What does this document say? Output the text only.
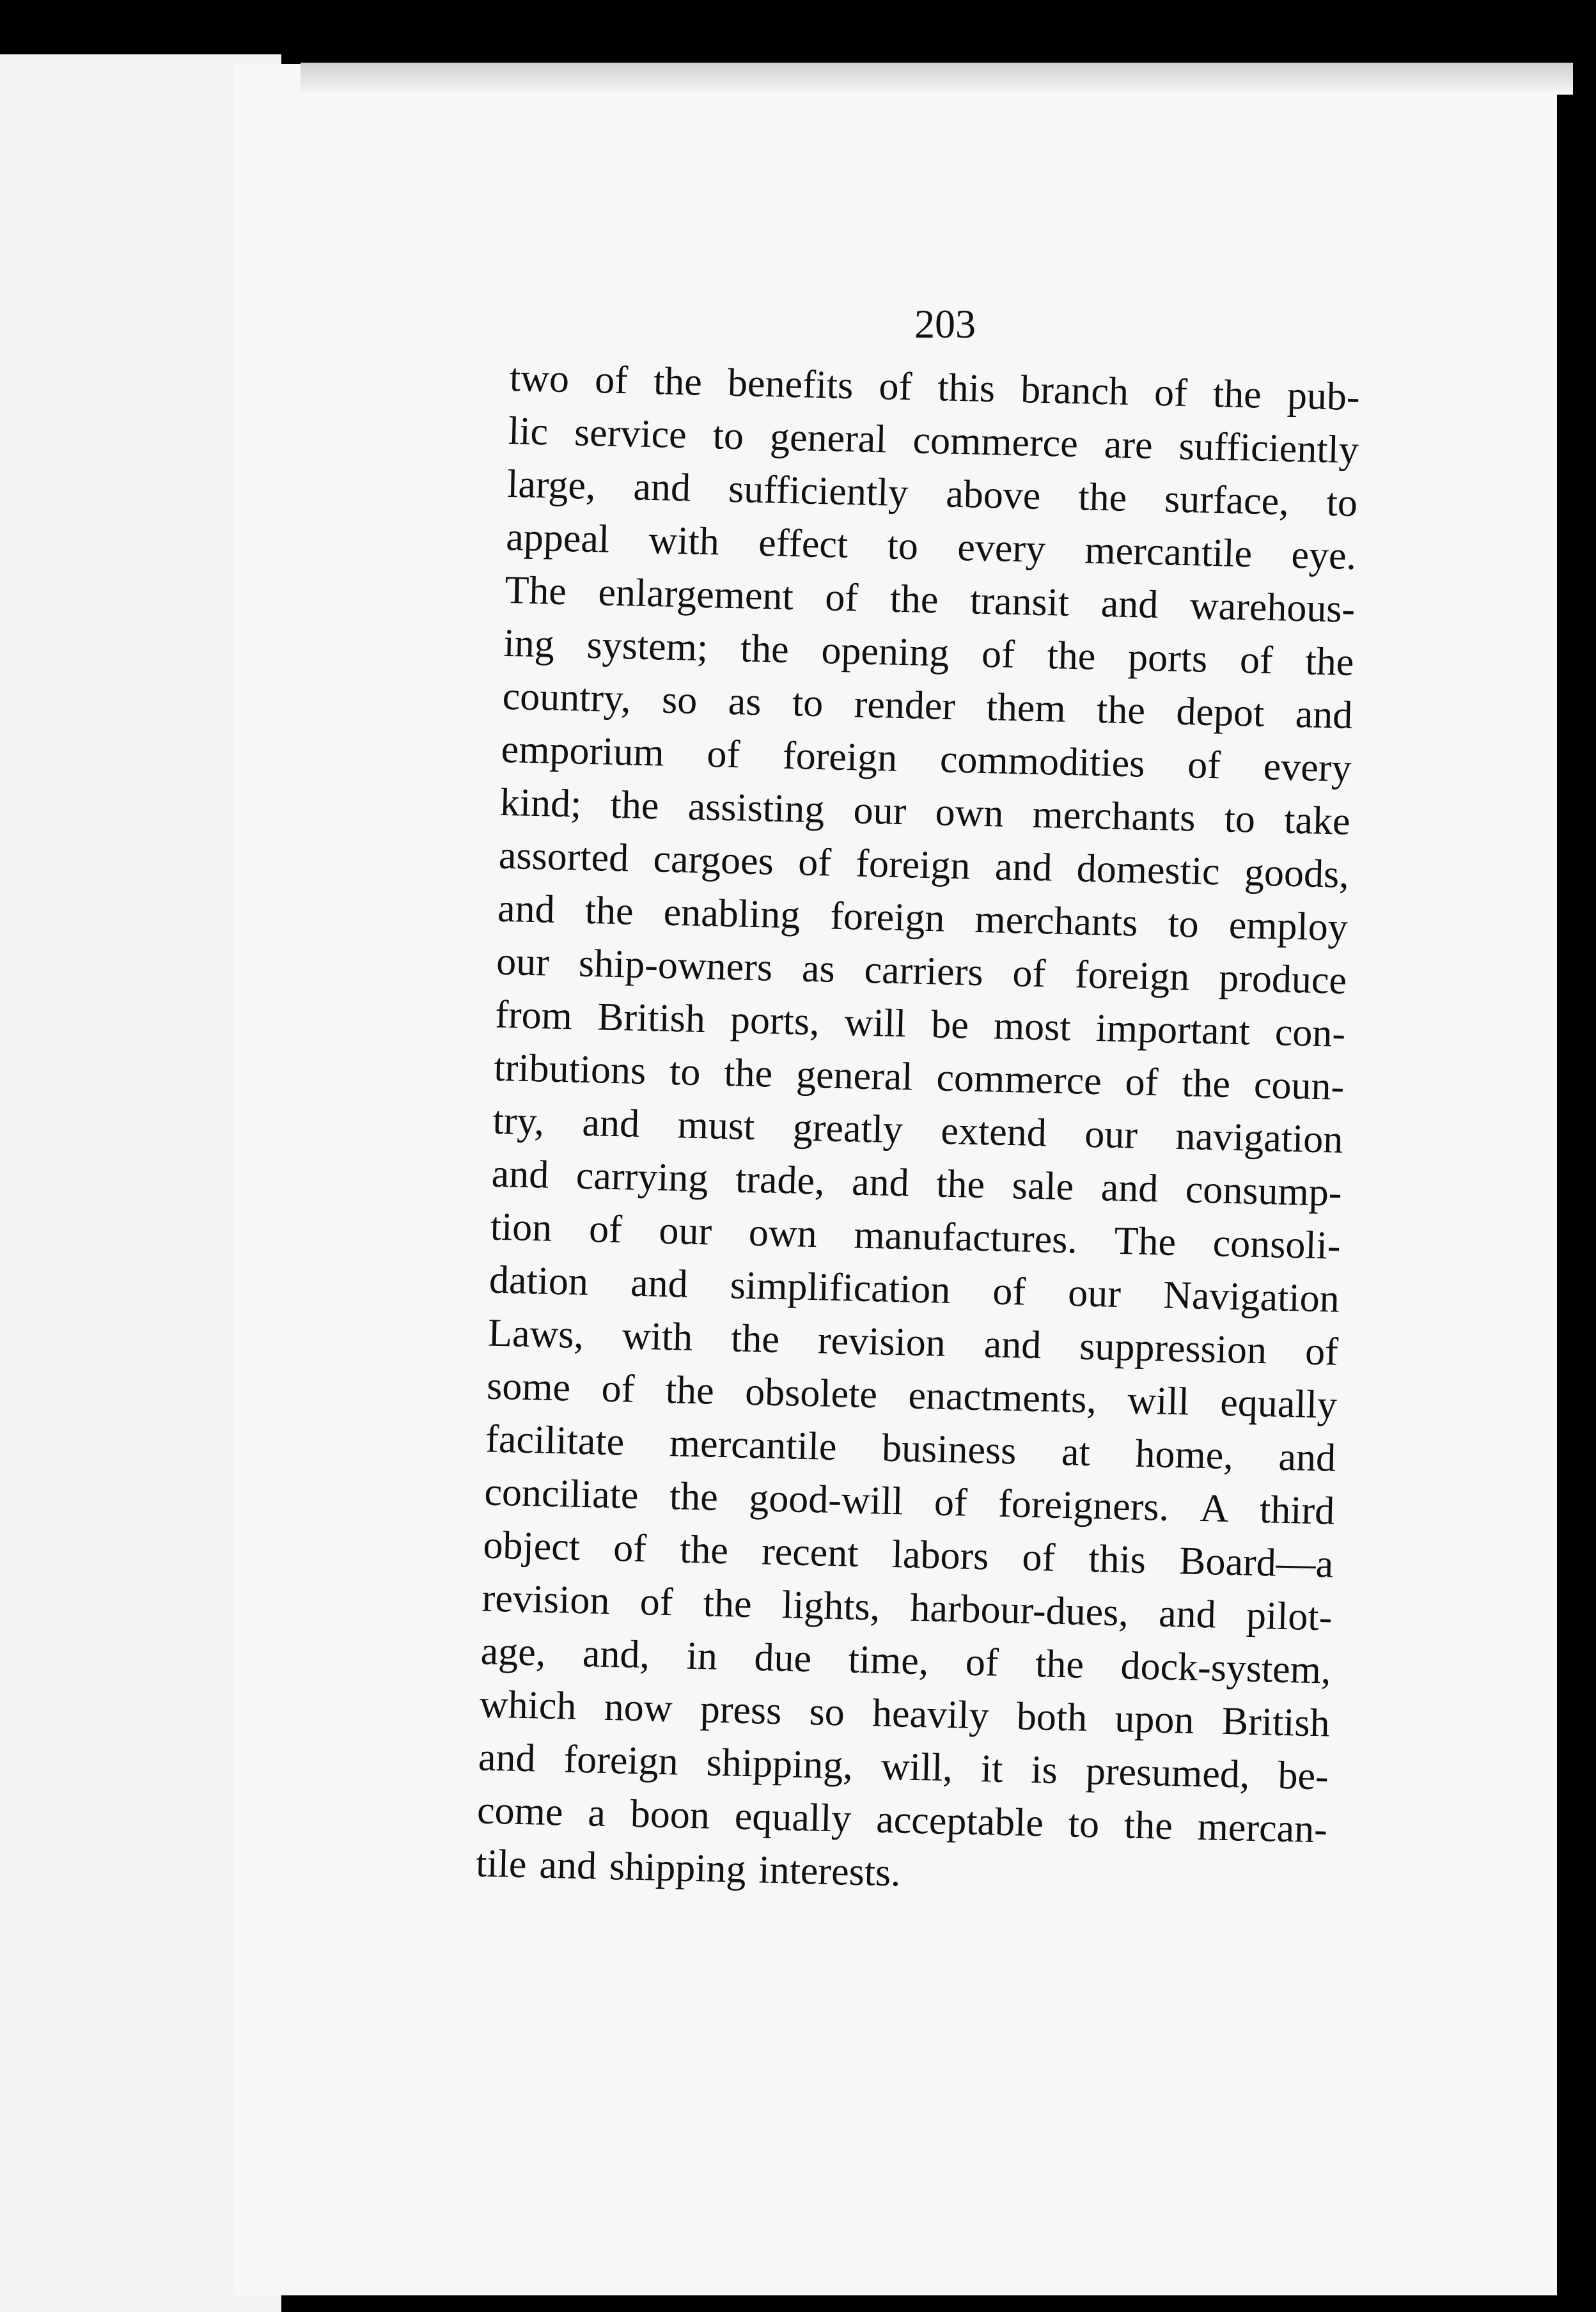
203
two of the benefits of this branch of the pub-
lic service to general commerce are sufficiently
large, and sufficiently above the surface, to
appeal with effect to every mercantile eye.
The enlargement of the transit and warehous-
ing system; the opening of the ports of the
country, so as to render them the depot and
emporium of foreign commodities of every
kind; the assisting our own merchants to take
assorted cargoes of foreign and domestic goods,
and the enabling foreign merchants to employ
our ship-owners as carriers of foreign produce
from British ports, will be most important con-
tributions to the general commerce of the coun-
try, and must greatly extend our navigation
and carrying trade, and the sale and consump-
tion of our own manufactures. The consoli-
dation and simplification of our Navigation
Laws, with the revision and suppression of
some of the obsolete enactments, will equally
facilitate mercantile business at home, and
conciliate the good-will of foreigners. A third
object of the recent labors of this Board—a
revision of the lights, harbour-dues, and pilot-
age, and, in due time, of the dock-system,
which now press so heavily both upon British
and foreign shipping, will, it is presumed, be-
come a boon equally acceptable to the mercan-
tile and shipping interests.
